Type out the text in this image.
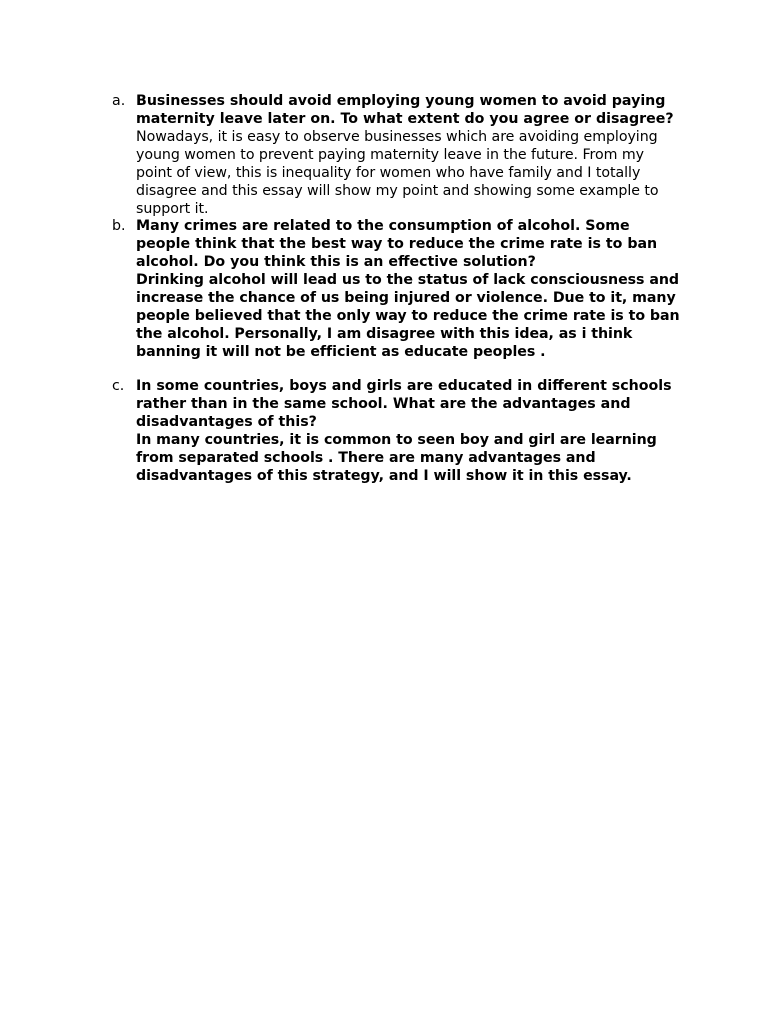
a. Businesses should avoid employing young women to avoid paying maternity leave later on. To what extent do you agree or disagree?
Nowadays, it is easy to observe businesses which are avoiding employing young women to prevent paying maternity leave in the future. From my point of view, this is inequality for women who have family and I totally disagree and this essay will show my point and showing some example to support it.
b. Many crimes are related to the consumption of alcohol. Some people think that the best way to reduce the crime rate is to ban alcohol. Do you think this is an effective solution?
Drinking alcohol will lead us to the status of lack consciousness and increase the chance of us being injured or violence. Due to it, many people believed that the only way to reduce the crime rate is to ban the alcohol. Personally, I am disagree with this idea, as i think banning it will not be efficient as educate peoples .
c. In some countries, boys and girls are educated in different schools rather than in the same school. What are the advantages and disadvantages of this?
In many countries, it is common to seen boy and girl are learning from separated schools . There are many advantages and disadvantages of this strategy, and I will show it in this essay.
